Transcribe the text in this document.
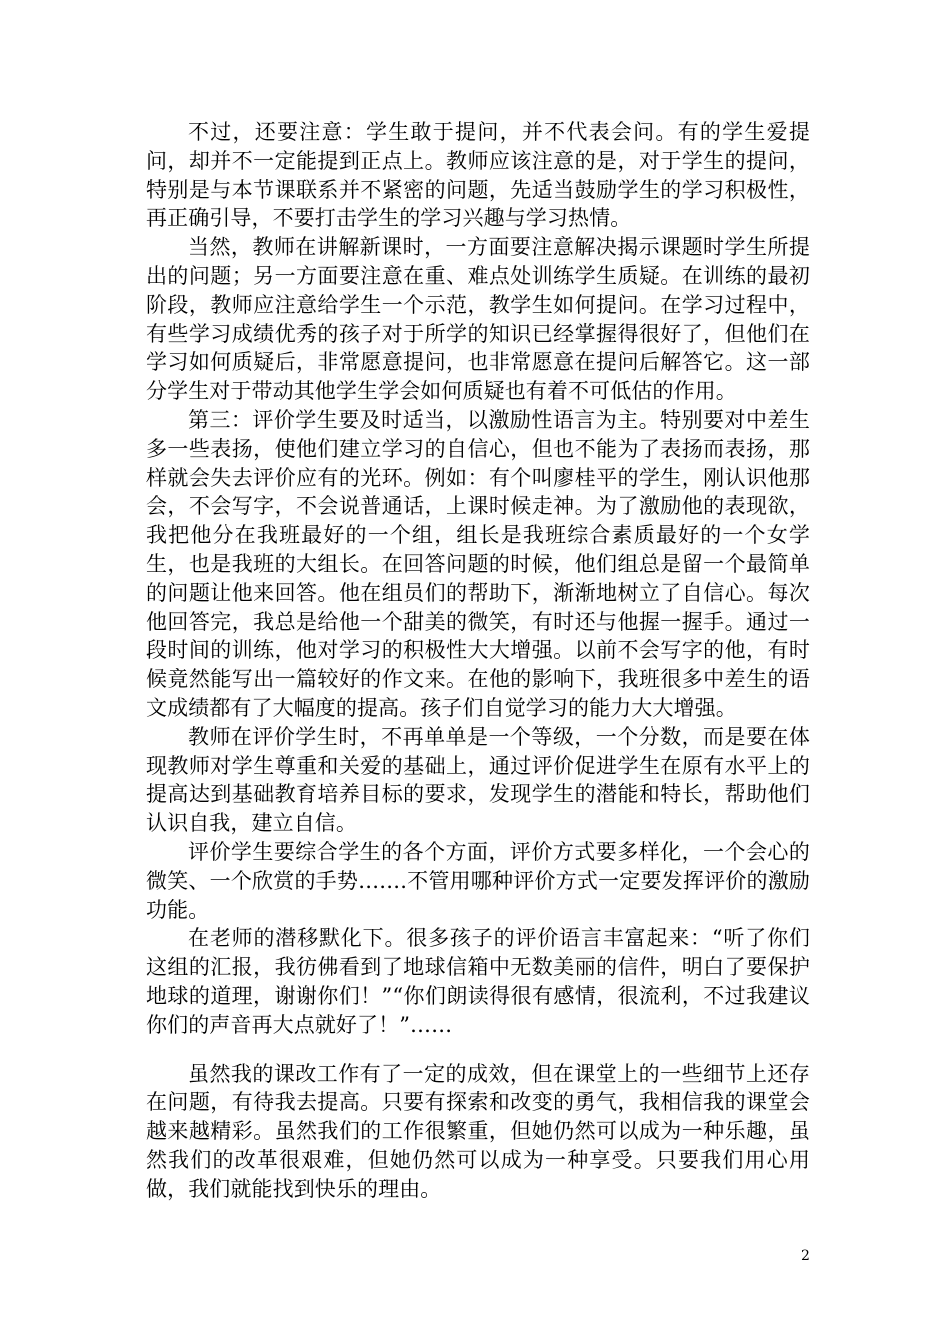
不过，还要注意：学生敢于提问，并不代表会问。有的学生爱提问，却并不一定能提到正点上。教师应该注意的是，对于学生的提问，特别是与本节课联系并不紧密的问题，先适当鼓励学生的学习积极性，再正确引导，不要打击学生的学习兴趣与学习热情。

当然，教师在讲解新课时，一方面要注意解决揭示课题时学生所提出的问题；另一方面要注意在重、难点处训练学生质疑。在训练的最初阶段，教师应注意给学生一个示范，教学生如何提问。在学习过程中，有些学习成绩优秀的孩子对于所学的知识已经掌握得很好了，但他们在学习如何质疑后，非常愿意提问，也非常愿意在提问后解答它。这一部分学生对于带动其他学生学会如何质疑也有着不可低估的作用。

第三：评价学生要及时适当，以激励性语言为主。特别要对中差生多一些表扬，使他们建立学习的自信心，但也不能为了表扬而表扬，那样就会失去评价应有的光环。例如：有个叫廖桂平的学生，刚认识他那会，不会写字，不会说普通话，上课时候走神。为了激励他的表现欲，我把他分在我班最好的一个组，组长是我班综合素质最好的一个女学生，也是我班的大组长。在回答问题的时候，他们组总是留一个最简单的问题让他来回答。他在组员们的帮助下，渐渐地树立了自信心。每次他回答完，我总是给他一个甜美的微笑，有时还与他握一握手。通过一段时间的训练，他对学习的积极性大大增强。以前不会写字的他，有时候竟然能写出一篇较好的作文来。在他的影响下，我班很多中差生的语文成绩都有了大幅度的提高。孩子们自觉学习的能力大大增强。

教师在评价学生时，不再单单是一个等级，一个分数，而是要在体现教师对学生尊重和关爱的基础上，通过评价促进学生在原有水平上的提高达到基础教育培养目标的要求，发现学生的潜能和特长，帮助他们认识自我，建立自信。

评价学生要综合学生的各个方面，评价方式要多样化，一个会心的微笑、一个欣赏的手势…….不管用哪种评价方式一定要发挥评价的激励功能。

在老师的潜移默化下。很多孩子的评价语言丰富起来：“听了你们这组的汇报，我彷佛看到了地球信箱中无数美丽的信件，明白了要保护地球的道理，谢谢你们！”“你们朗读得很有感情，很流利，不过我建议你们的声音再大点就好了！”……

虽然我的课改工作有了一定的成效，但在课堂上的一些细节上还存在问题，有待我去提高。只要有探索和改变的勇气，我相信我的课堂会越来越精彩。虽然我们的工作很繁重，但她仍然可以成为一种乐趣，虽然我们的改革很艰难，但她仍然可以成为一种享受。只要我们用心用做，我们就能找到快乐的理由。

2
